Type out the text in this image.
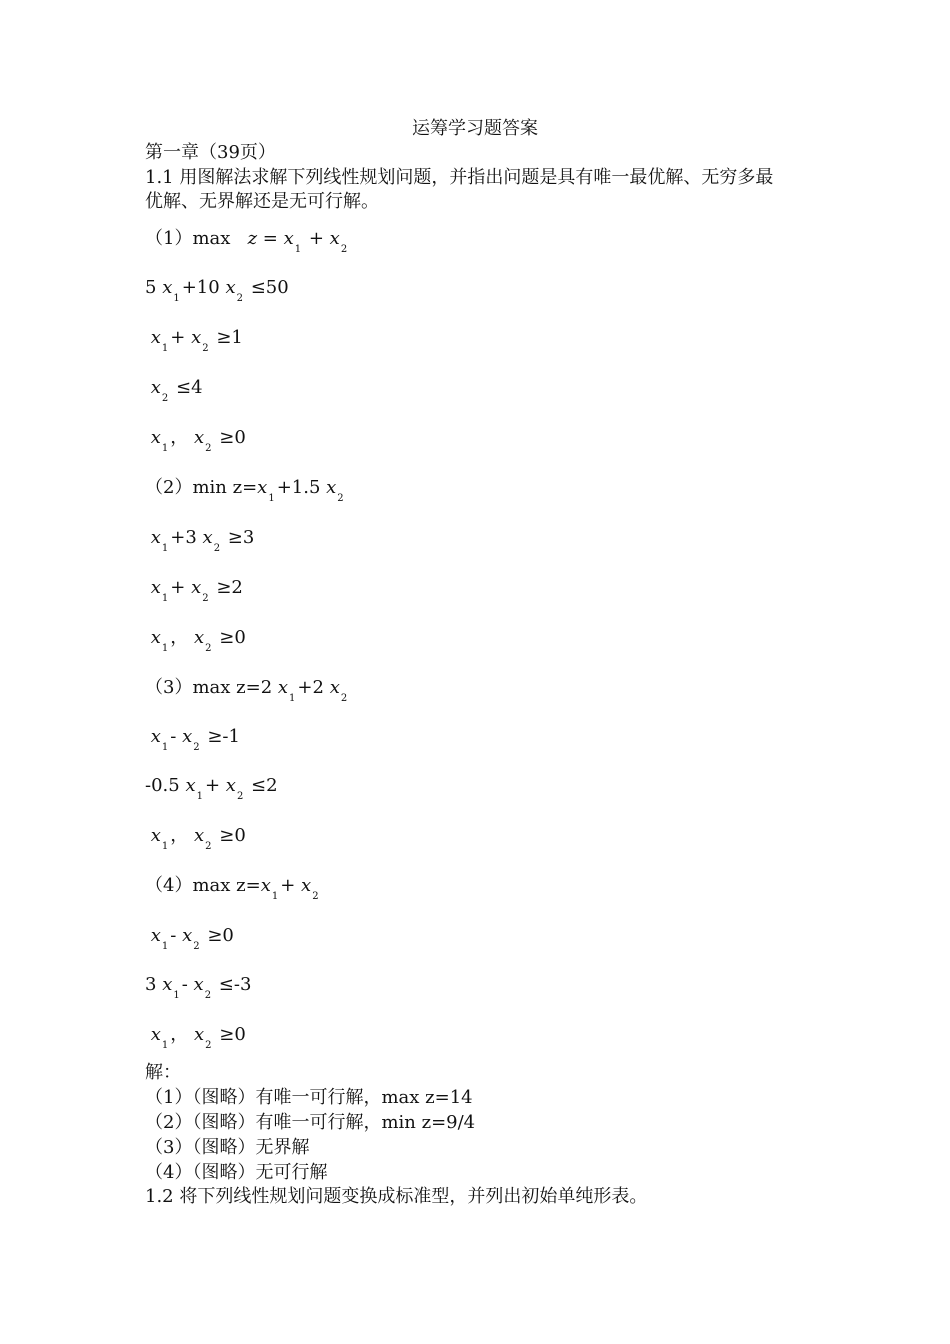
运筹学习题答案
第一章（39页）
1.1 用图解法求解下列线性规划问题，并指出问题是具有唯一最优解、无穷多最
优解、无界解还是无可行解。
（1）max $z = x_1 + x_2$
5 $x_1+10$ $x_2 \le 50$
$x_1+ x_2 \ge 1$
$x_2 \le 4$
$x_1$， $x_2 \ge 0$
（2）min $z=x_1+1.5$ $x_2$
$x_1+3$ $x_2 \ge 3$
$x_1+ x_2 \ge 2$
$x_1$， $x_2 \ge 0$
（3）max z=2 $x_1+2$ $x_2$
$x_1-$ $x_2 \ge-1$
-0.5 $x_1+ x_2 \le 2$
$x_1$， $x_2 \ge 0$
（4）max $z=x_1+ x_2$
$x_1-$ $x_2 \ge 0$
3 $x_1-$ $x_2 \le-3$
$x_1$， $x_2 \ge 0$
解：
（1）（图略）有唯一可行解，max z=14
（2）（图略）有唯一可行解，min z=9/4
（3）（图略）无界解
（4）（图略）无可行解
1.2 将下列线性规划问题变换成标准型，并列出初始单纯形表。
